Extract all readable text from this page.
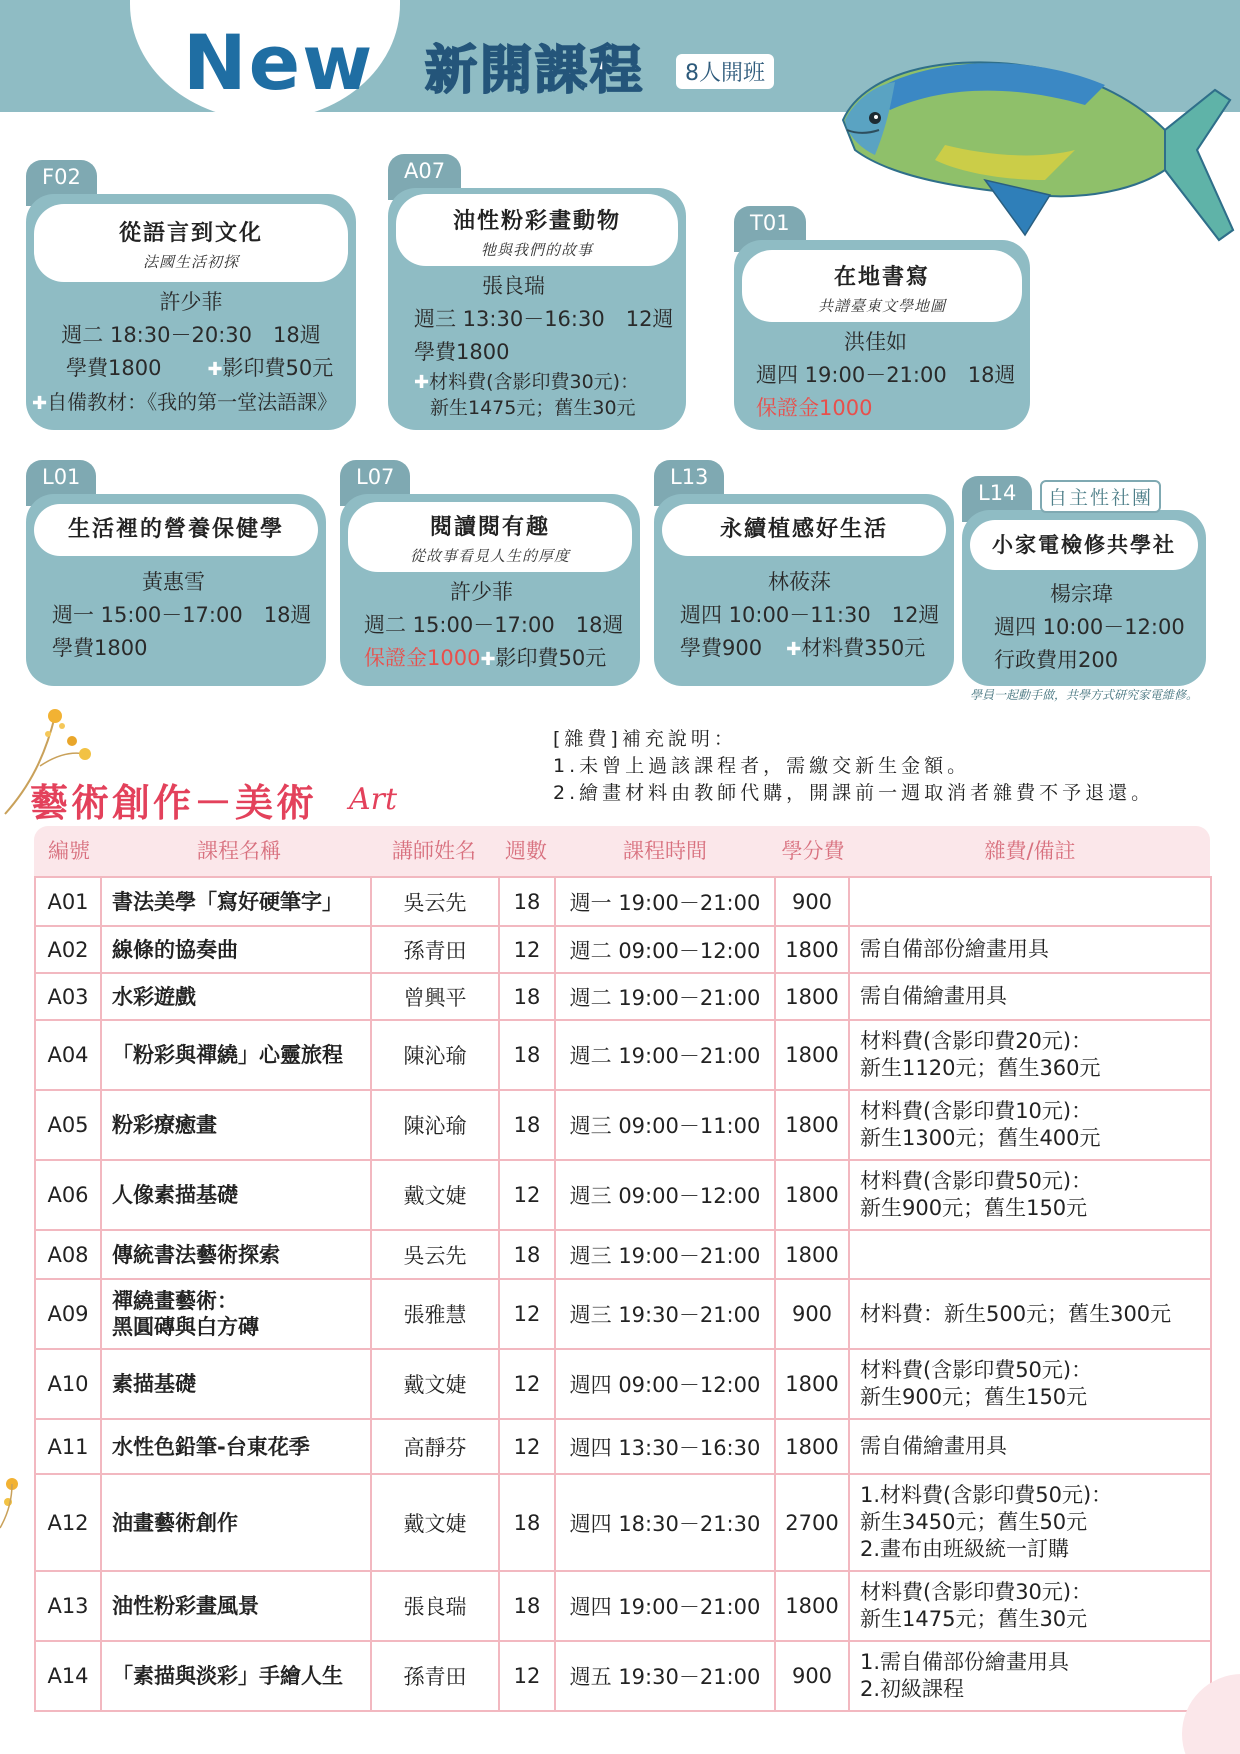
New 新開課程	8人開班
F02
從語言到文化
法國生活初探
許少菲
週二 18:30－20:30　18週
學費1800	✚影印費50元
✚自備教材：《我的第一堂法語課》
A07
油性粉彩畫動物
牠與我們的故事
張良瑞
週三 13:30－16:30　12週
學費1800
✚材料費(含影印費30元)：
新生1475元；舊生30元
T01
在地書寫
共譜臺東文學地圖
洪佳如
週四 19:00－21:00　18週
保證金1000
L01
生活裡的營養保健學
黃惠雪
週一 15:00－17:00　18週
學費1800
L07
閱讀閱有趣
從故事看見人生的厚度
許少菲
週二 15:00－17:00　18週
保證金1000✚影印費50元
L13
永續植感好生活
林莜莯
週四 10:00－11:30　12週
學費900 ✚材料費350元
L14
小家電檢修共學社
楊宗瑋
週四 10:00－12:00
行政費用200
自主性社團
學員一起動手做，共學方式研究家電維修。
藝術創作－美術 Art
[雜費]補充說明：
1.未曾上過該課程者，需繳交新生金額。
2.繪畫材料由教師代購，開課前一週取消者雜費不予退還。
編號	課程名稱	講師姓名	週數	課程時間	學分費	雜費/備註
A01	書法美學「寫好硬筆字」	吳云先	18	週一 19:00－21:00	900	
A02	線條的協奏曲	孫青田	12	週二 09:00－12:00	1800	需自備部份繪畫用具
A03	水彩遊戲	曾興平	18	週二 19:00－21:00	1800	需自備繪畫用具
A04	「粉彩與禪繞」心靈旅程	陳沁瑜	18	週二 19:00－21:00	1800	材料費(含影印費20元)：
新生1120元；舊生360元
A05	粉彩療癒畫	陳沁瑜	18	週三 09:00－11:00	1800	材料費(含影印費10元)：
新生1300元；舊生400元
A06	人像素描基礎	戴文婕	12	週三 09:00－12:00	1800	材料費(含影印費50元)：
新生900元；舊生150元
A08	傳統書法藝術探索	吳云先	18	週三 19:00－21:00	1800	
A09	禪繞畫藝術：
黑圓磚與白方磚	張雅慧	12	週三 19:30－21:00	900	材料費：新生500元；舊生300元
A10	素描基礎	戴文婕	12	週四 09:00－12:00	1800	材料費(含影印費50元)：
新生900元；舊生150元
A11	水性色鉛筆-台東花季	高靜芬	12	週四 13:30－16:30	1800	需自備繪畫用具
A12	油畫藝術創作	戴文婕	18	週四 18:30－21:30	2700	1.材料費(含影印費50元)：
新生3450元；舊生50元
2.畫布由班級統一訂購
A13	油性粉彩畫風景	張良瑞	18	週四 19:00－21:00	1800	材料費(含影印費30元)：
新生1475元；舊生30元
A14	「素描與淡彩」手繪人生	孫青田	12	週五 19:30－21:00	900	1.需自備部份繪畫用具
2.初級課程
